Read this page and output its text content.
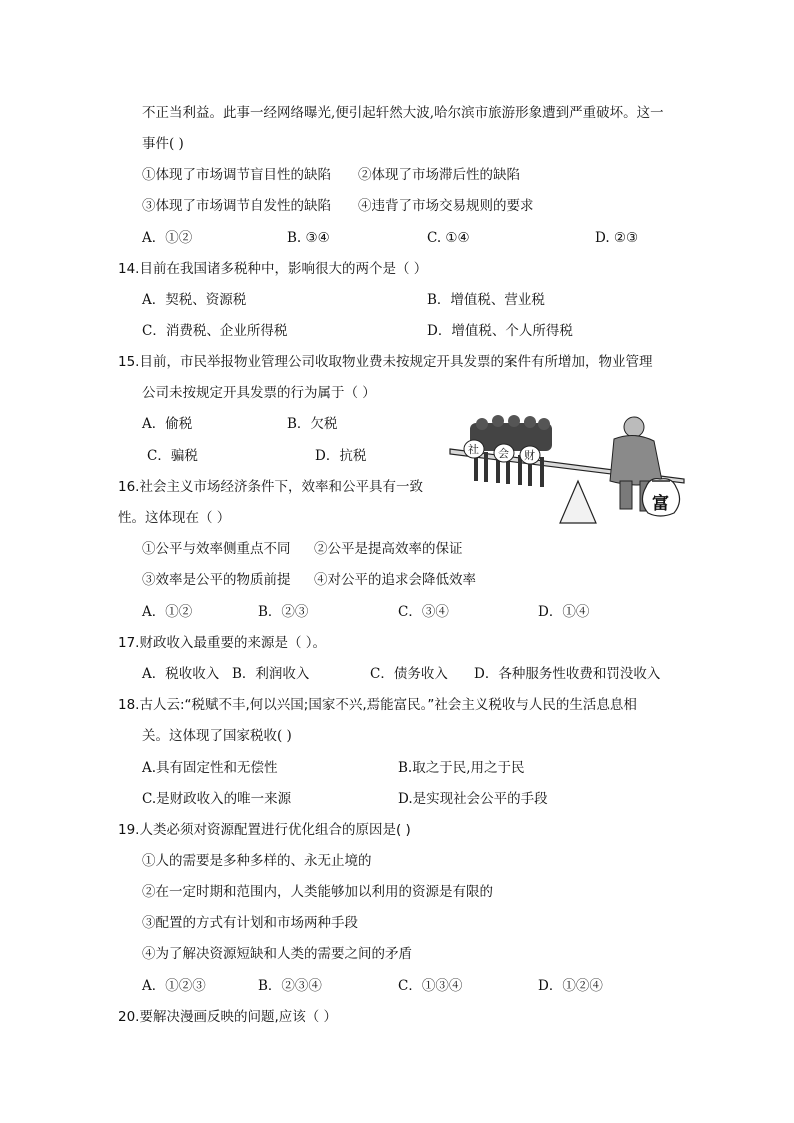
不正当利益。此事一经网络曝光,便引起轩然大波,哈尔滨市旅游形象遭到严重破坏。这一
事件( )
①体现了市场调节盲目性的缺陷 ②体现了市场滞后性的缺陷
③体现了市场调节自发性的缺陷 ④违背了市场交易规则的要求
A．①②	B. ③④	C. ①④	D. ②③
14.目前在我国诸多税种中，影响很大的两个是（ ）
A．契税、资源税	B．增值税、营业税
C．消费税、企业所得税	D．增值税、个人所得税
15.目前，市民举报物业管理公司收取物业费未按规定开具发票的案件有所增加，物业管理
公司未按规定开具发票的行为属于（ ）
A．偷税	B．欠税
C．骗税	D．抗税	社 会 财
富
16.社会主义市场经济条件下，效率和公平具有一致
性。这体现在（ ）
①公平与效率侧重点不同 ②公平是提高效率的保证
③效率是公平的物质前提 ④对公平的追求会降低效率
A．①②	B．②③	C．③④	D．①④
17.财政收入最重要的来源是（ ）。
A．税收收入 B．利润收入	C．债务收入 D．各种服务性收费和罚没收入
18.古人云:“税赋不丰,何以兴国;国家不兴,焉能富民。”社会主义税收与人民的生活息息相
关。这体现了国家税收( )
A.具有固定性和无偿性	B.取之于民,用之于民
C.是财政收入的唯一来源	D.是实现社会公平的手段
19.人类必须对资源配置进行优化组合的原因是( )
①人的需要是多种多样的、永无止境的
②在一定时期和范围内，人类能够加以利用的资源是有限的
③配置的方式有计划和市场两种手段
④为了解决资源短缺和人类的需要之间的矛盾
A．①②③	B．②③④	C．①③④	D．①②④
20.要解决漫画反映的问题,应该（ ）
